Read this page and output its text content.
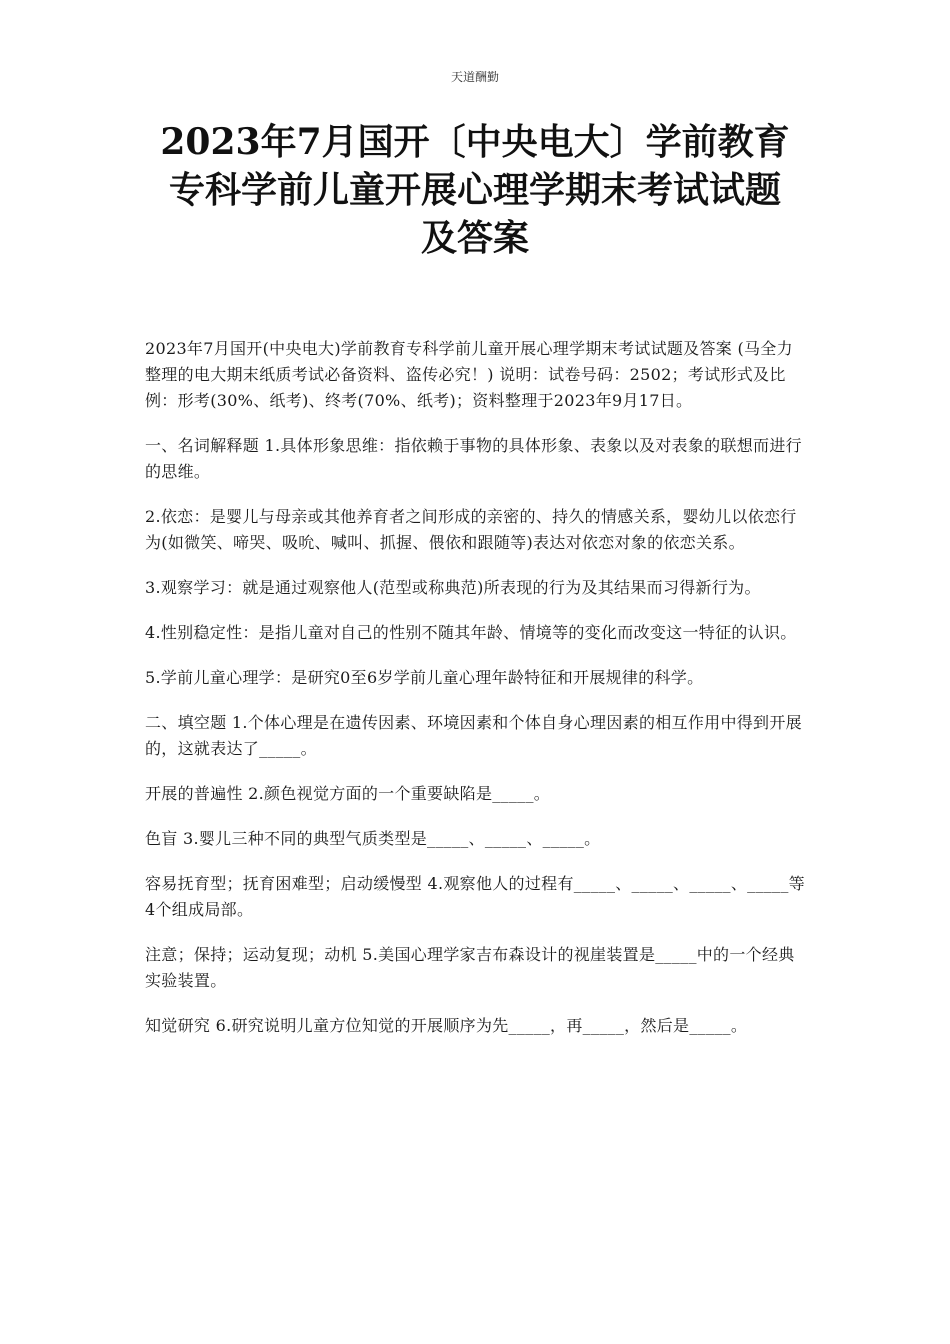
天道酬勤
2023年7月国开〔中央电大〕学前教育
专科学前儿童开展心理学期末考试试题
及答案

2023年7月国开(中央电大)学前教育专科学前儿童开展心理学期末考试试题及答案 (马全力整理的电大期末纸质考试必备资料、盗传必究！) 说明：试卷号码：2502；考试形式及比例：形考(30%、纸考)、终考(70%、纸考)；资料整理于2023年9月17日。

一、名词解释题 1.具体形象思维：指依赖于事物的具体形象、表象以及对表象的联想而进行的思维。

2.依恋：是婴儿与母亲或其他养育者之间形成的亲密的、持久的情感关系，婴幼儿以依恋行为(如微笑、啼哭、吸吮、喊叫、抓握、偎依和跟随等)表达对依恋对象的依恋关系。

3.观察学习：就是通过观察他人(范型或称典范)所表现的行为及其结果而习得新行为。

4.性别稳定性：是指儿童对自己的性别不随其年龄、情境等的变化而改变这一特征的认识。

5.学前儿童心理学：是研究0至6岁学前儿童心理年龄特征和开展规律的科学。

二、填空题 1.个体心理是在遗传因素、环境因素和个体自身心理因素的相互作用中得到开展的，这就表达了_____。

开展的普遍性 2.颜色视觉方面的一个重要缺陷是_____。

色盲 3.婴儿三种不同的典型气质类型是_____、_____、_____。

容易抚育型；抚育困难型；启动缓慢型 4.观察他人的过程有_____、_____、_____、_____等4个组成局部。

注意；保持；运动复现；动机 5.美国心理学家吉布森设计的视崖装置是_____中的一个经典实验装置。

知觉研究 6.研究说明儿童方位知觉的开展顺序为先_____，再_____，然后是_____。
